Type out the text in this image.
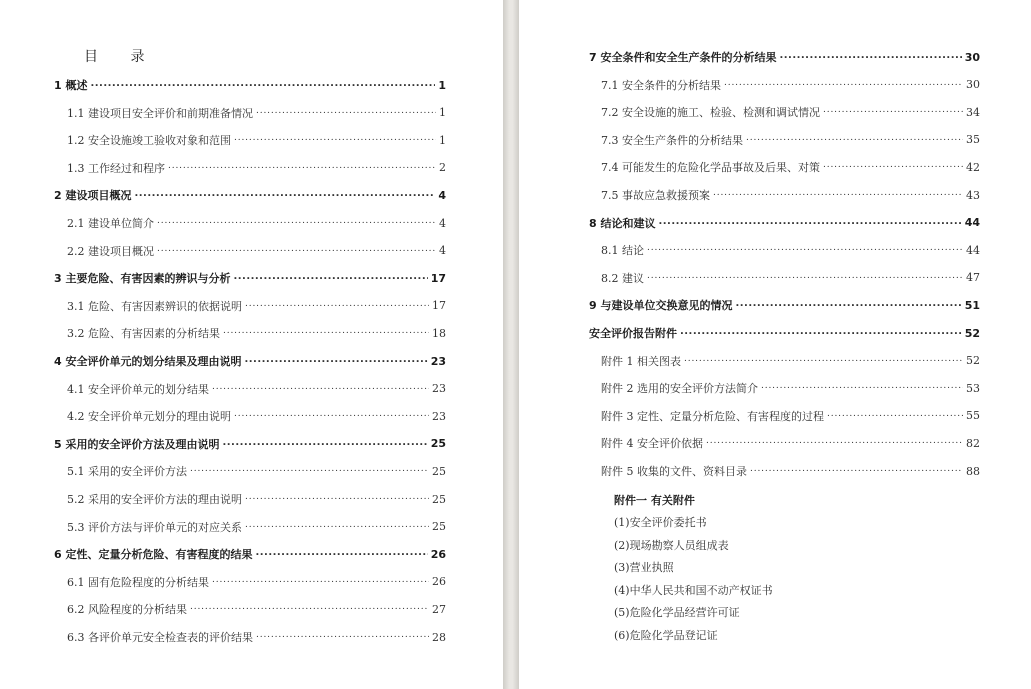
目 录
1 概述 . . .	1
1.1 建设项目安全评价和前期准备情况 . . .	1
1.2 安全设施竣工验收对象和范围 . . .	1
1.3 工作经过和程序 . . .	2
2 建设项目概况 . . .	4
2.1 建设单位简介 . . .	4
2.2 建设项目概况 . . .	4
3 主要危险、有害因素的辨识与分析 . . .	17
3.1 危险、有害因素辨识的依据说明 . . .	17
3.2 危险、有害因素的分析结果 . . .	18
4 安全评价单元的划分结果及理由说明 . . .	23
4.1 安全评价单元的划分结果 . . .	23
4.2 安全评价单元划分的理由说明 . . .	23
5 采用的安全评价方法及理由说明 . . .	25
5.1 采用的安全评价方法 . . .	25
5.2 采用的安全评价方法的理由说明 . . .	25
5.3 评价方法与评价单元的对应关系 . . .	25
6 定性、定量分析危险、有害程度的结果 . . .	26
6.1 固有危险程度的分析结果 . . .	26
6.2 风险程度的分析结果 . . .	27
6.3 各评价单元安全检查表的评价结果 . . .	28
7 安全条件和安全生产条件的分析结果 . . .	30
7.1 安全条件的分析结果 . . .	30
7.2 安全设施的施工、检验、检测和调试情况 . . .	34
7.3 安全生产条件的分析结果 . . .	35
7.4 可能发生的危险化学品事故及后果、对策 . . .	42
7.5 事故应急救援预案 . . .	43
8 结论和建议 . . .	44
8.1 结论 . . .	44
8.2 建议 . . .	47
9 与建设单位交换意见的情况 . . .	51
安全评价报告附件 . . .	52
附件 1 相关图表 . . .	52
附件 2 选用的安全评价方法简介 . . .	53
附件 3 定性、定量分析危险、有害程度的过程 . . .	55
附件 4 安全评价依据 . . .	82
附件 5 收集的文件、资料目录 . . .	88
附件一 有关附件
(1)安全评价委托书
(2)现场勘察人员组成表
(3)营业执照
(4)中华人民共和国不动产权证书
(5)危险化学品经营许可证
(6)危险化学品登记证
